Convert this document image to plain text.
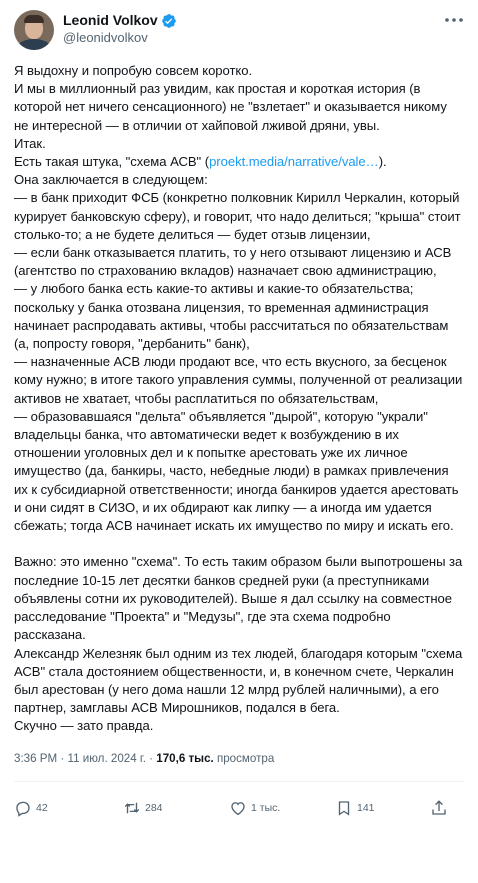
Leonid Volkov
@leonidvolkov
Я выдохну и попробую совсем коротко.
И мы в миллионный раз увидим, как простая и короткая история (в которой нет ничего сенсационного) не "взлетает" и оказывается никому не интересной — в отличии от хайповой лживой дряни, увы.
Итак.
Есть такая штука, "схема АСВ" (proekt.media/narrative/vale…).
Она заключается в следующем:
— в банк приходит ФСБ (конкретно полковник Кирилл Черкалин, который курирует банковскую сферу), и говорит, что надо делиться; "крыша" стоит столько-то; а не будете делиться — будет отзыв лицензии,
— если банк отказывается платить, то у него отзывают лицензию и АСВ (агентство по страхованию вкладов) назначает свою администрацию,
— у любого банка есть какие-то активы и какие-то обязательства; поскольку у банка отозвана лицензия, то временная администрация начинает распродавать активы, чтобы рассчитаться по обязательствам (а, попросту говоря, "дербанить" банк),
— назначенные АСВ люди продают все, что есть вкусного, за бесценок кому нужно; в итоге такого управления суммы, полученной от реализации активов не хватает, чтобы расплатиться по обязательствам,
— образовавшаяся "дельта" объявляется "дырой", которую "украли" владельцы банка, что автоматически ведет к возбуждению в их отношении уголовных дел и к попытке арестовать уже их личное имущество (да, банкиры, часто, небедные люди) в рамках привлечения их к субсидиарной ответственности; иногда банкиров удается арестовать и они сидят в СИЗО, и их обдирают как липку — а иногда им удается сбежать; тогда АСВ начинает искать их имущество по миру и искать его.

Важно: это именно "схема". То есть таким образом были выпотрошены за последние 10-15 лет десятки банков средней руки (а преступниками объявлены сотни их руководителей). Выше я дал ссылку на совместное расследование "Проекта" и "Медузы", где эта схема подробно рассказана.
Александр Железняк был одним из тех людей, благодаря которым "схема АСВ" стала достоянием общественности, и, в конечном счете, Черкалин был арестован (у него дома нашли 12 млрд рублей наличными), а его партнер, замглавы АСВ Мирошников, подался в бега.
Скучно — зато правда.
3:36 PM · 11 июл. 2024 г. · 170,6 тыс. просмотра
42	284	1 тыс.	141
